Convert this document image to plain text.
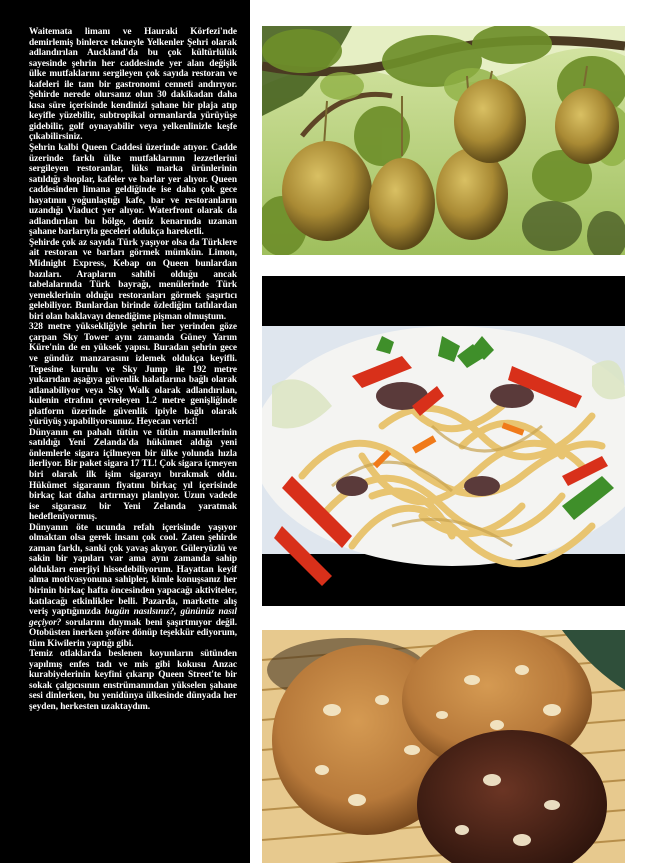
Waitemata limanı ve Hauraki Körfezi'nde demirlemiş binlerce tekneyle Yelkenler Şehri olarak adlandırılan Auckland'da bu çok kültürlülük sayesinde şehrin her caddesinde yer alan değişik ülke mutfaklarını sergileyen çok sayıda restoran ve kafeleri ile tam bir gastronomi cenneti andırıyor. Şehirde nerede olursanız olun 30 dakikadan daha kısa süre içerisinde kendinizi şahane bir plaja atıp keyifle yüzebilir, subtropikal ormanlarda yürüyüşe gidebilir, golf oynayabilir veya yelkenlinizle keşfe çıkabilirsiniz.

Şehrin kalbi Queen Caddesi üzerinde atıyor. Cadde üzerinde farklı ülke mutfaklarının lezzetlerini sergileyen restoranlar, lüks marka ürünlerinin satıldığı shoplar, kafeler ve barlar yer alıyor. Queen caddesinden limana geldiğinde ise daha çok gece hayatının yoğunlaştığı kafe, bar ve restoranların uzandığı Viaduct yer alıyor. Waterfront olarak da adlandırılan bu bölge, deniz kenarında uzanan şahane barlarıyla geceleri oldukça hareketli.

Şehirde çok az sayıda Türk yaşıyor olsa da Türklere ait restoran ve barları görmek mümkün. Limon, Midnight Express, Kebap on Queen bunlardan bazıları. Arapların sahibi olduğu ancak tabelalarında Türk bayrağı, menülerinde Türk yemeklerinin olduğu restoranları görmek şaşırtıcı gelebiliyor. Bunlardan birinde özlediğim tatlılardan biri olan baklavayı denediğime pişman olmuştum.

328 metre yüksekliğiyle şehrin her yerinden göze çarpan Sky Tower aynı zamanda Güney Yarım Küre'nin de en yüksek yapısı. Buradan şehrin gece ve gündüz manzarasını izlemek oldukça keyifli. Tepesine kurulu ve Sky Jump ile 192 metre yukarıdan aşağıya güvenlik halatlarına bağlı olarak atlanabiliyor veya Sky Walk olarak adlandırılan, kulenin etrafını çevreleyen 1.2 metre genişliğinde platform üzerinde güvenlik ipiyle bağlı olarak yürüyüş yapabiliyorsunuz. Heyecan verici!

Dünyanın en pahalı tütün ve tütün mamullerinin satıldığı Yeni Zelanda'da hükümet aldığı yeni önlemlerle sigara içilmeyen bir ülke yolunda hızla ilerliyor. Bir paket sigara 17 TL! Çok sigara içmeyen biri olarak ilk işim sigarayı bırakmak oldu. Hükümet sigaranın fiyatını birkaç yıl içerisinde birkaç kat daha artırmayı planlıyor. Uzun vadede ise sigarasız bir Yeni Zelanda yaratmak hedefleniyormuş.

Dünyanın öte ucunda refah içerisinde yaşıyor olmaktan olsa gerek insanı çok cool. Zaten şehirde zaman farklı, sanki çok yavaş akıyor. Güleryüzlü ve sakin bir yapıları var ama aynı zamanda sahip oldukları enerjiyi hissedebiliyorum. Hayattan keyif alma motivasyonuna sahipler, kimle konuşsanız her birinin birkaç hafta öncesinden yapacağı aktiviteler, katılacağı etkinlikler belli. Pazarda, markette alış veriş yaptığınızda bugün nasılsınız?, gününüz nasıl geçiyor? sorularını duymak beni şaşırtmıyor değil. Otobüsten inerken şoföre dönüp teşekkür ediyorum, tüm Kiwilerin yaptığı gibi.

Temiz otlaklarda beslenen koyunların sütünden yapılmış enfes tadı ve mis gibi kokusu Anzac kurabiyelerinin keyfini çıkarıp Queen Street'te bir sokak çalgıcısının enstrümanından yükselen şahane sesi dinlerken, bu yenidünya ülkesinde dünyada her şeyden, herkesten uzaktaydım.
